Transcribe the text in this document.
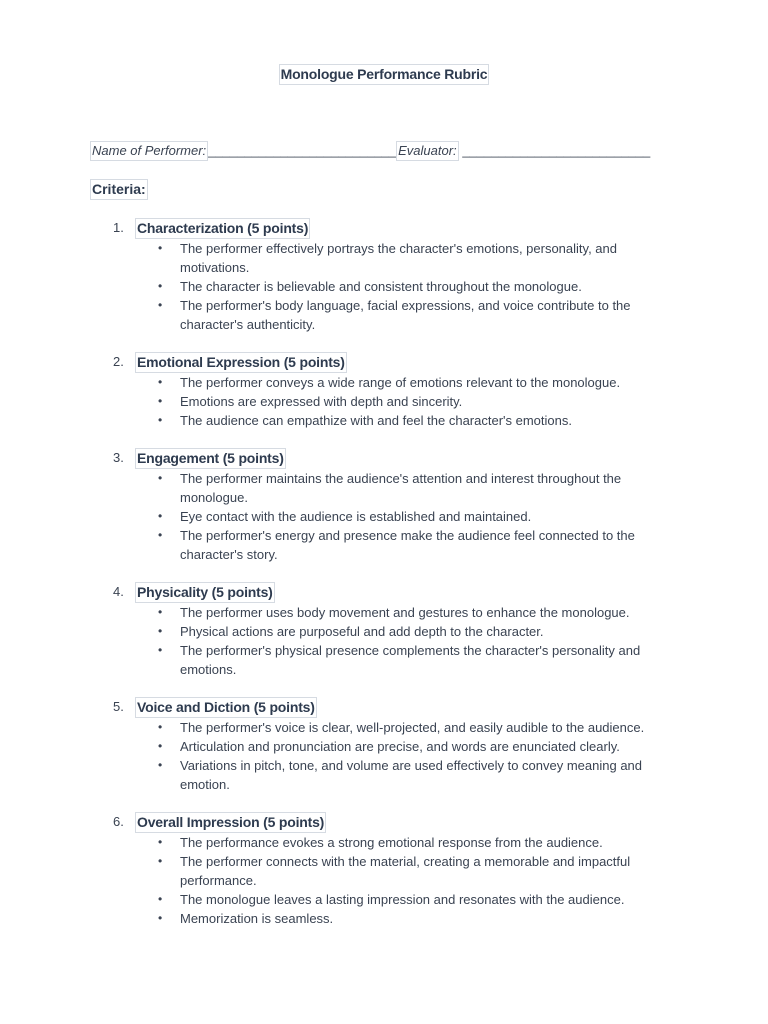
Monologue Performance Rubric
Name of Performer: __________________________ Evaluator: __________________________
Criteria:
1. Characterization (5 points)
• The performer effectively portrays the character's emotions, personality, and motivations.
• The character is believable and consistent throughout the monologue.
• The performer's body language, facial expressions, and voice contribute to the character's authenticity.
2. Emotional Expression (5 points)
• The performer conveys a wide range of emotions relevant to the monologue.
• Emotions are expressed with depth and sincerity.
• The audience can empathize with and feel the character's emotions.
3. Engagement (5 points)
• The performer maintains the audience's attention and interest throughout the monologue.
• Eye contact with the audience is established and maintained.
• The performer's energy and presence make the audience feel connected to the character's story.
4. Physicality (5 points)
• The performer uses body movement and gestures to enhance the monologue.
• Physical actions are purposeful and add depth to the character.
• The performer's physical presence complements the character's personality and emotions.
5. Voice and Diction (5 points)
• The performer's voice is clear, well-projected, and easily audible to the audience.
• Articulation and pronunciation are precise, and words are enunciated clearly.
• Variations in pitch, tone, and volume are used effectively to convey meaning and emotion.
6. Overall Impression (5 points)
• The performance evokes a strong emotional response from the audience.
• The performer connects with the material, creating a memorable and impactful performance.
• The monologue leaves a lasting impression and resonates with the audience.
• Memorization is seamless.
